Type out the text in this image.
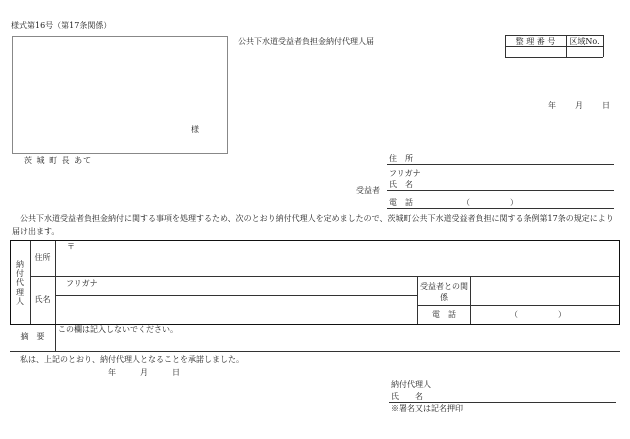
様式第16号（第17条関係）
公共下水道受益者負担金納付代理人届
様
茨 城 町 長 あて
整 理 番 号	区域No.
年　　月　　日
住　所
フリガナ
受益者
氏　名
電　話	（　　　　　）
公共下水道受益者負担金納付に関する事項を処理するため、次のとおり納付代理人を定めましたので、茨城町公共下水道受益者負担に関する条例第17条の規定により届け出ます。
納付代理人
住所
〒
氏名
フリガナ	受益者との関係
電　話	（　　　　　）
摘　要
この欄は記入しないでください。
私は、上記のとおり、納付代理人となることを承諾しました。
年　　　月　　　日
納付代理人
氏　　名
※署名又は記名押印
